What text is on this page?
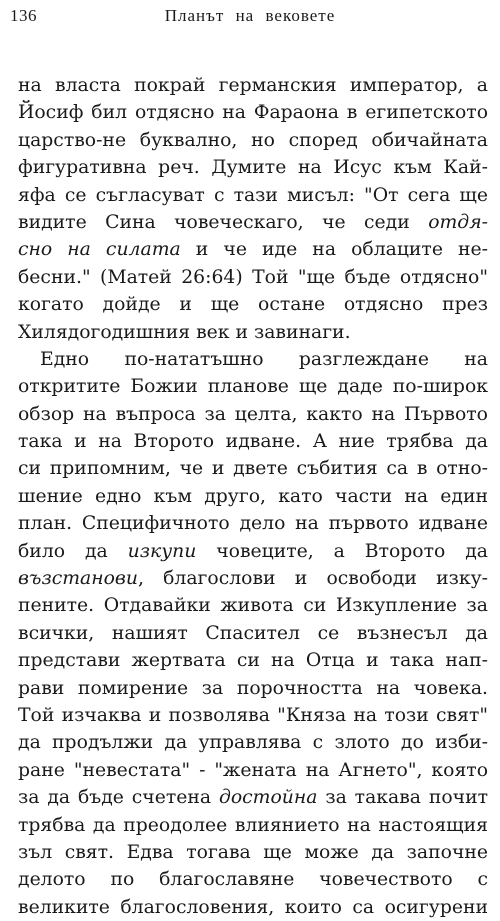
136	Планът на вековете
на власта покрай германския император, а
Йосиф бил отдясно на Фараона в египетското
царство-не буквално, но според обичайната
фигуративна реч. Думите на Исус към Кай-
яфа се съгласуват с тази мисъл: "От сега ще
видите Сина човеческаго, че седи отдя-
сно на силата и че иде на облаците не-
бесни." (Матей 26:64) Той "ще бъде отдясно"
когато дойде и ще остане отдясно през
Хилядогодишния век и завинаги.
Едно по-нататъшно разглеждане на
откритите Божии планове ще даде по-широк
обзор на въпроса за целта, както на Първото
така и на Второто идване. А ние трябва да
си припомним, че и двете събития са в отно-
шение едно към друго, като части на един
план. Специфичното дело на първото идване
било да изкупи човеците, а Второто да
възстанови, благослови и освободи изку-
пените. Отдавайки живота си Изкупление за
всички, нашият Спасител се възнесъл да
представи жертвата си на Отца и така нап-
рави помирение за порочността на човека.
Той изчаква и позволява "Княза на този свят"
да продължи да управлява с злото до изби-
ране "невестата" - "жената на Агнето", която
за да бъде счетена достойна за такава почит
трябва да преодолее влиянието на настоящия
зъл свят. Едва тогава ще може да започне
делото по благославяне човечеството с
великите благословения, които са осигурени
